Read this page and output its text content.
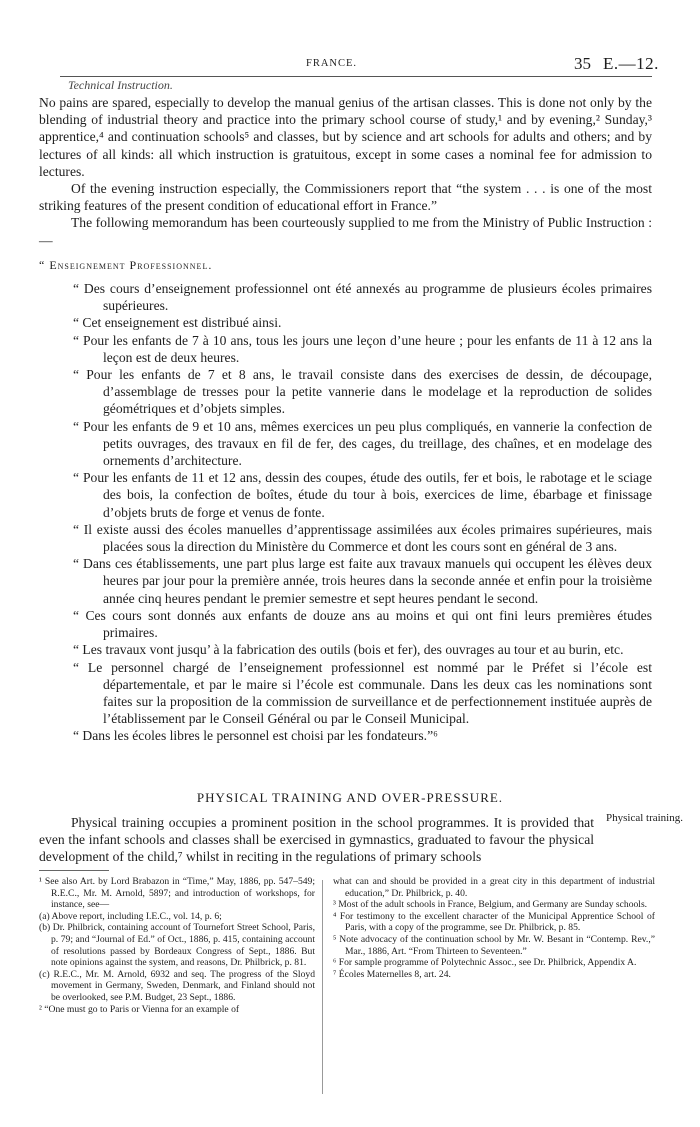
FRANCE.	35 E.—12.
Technical Instruction.

No pains are spared, especially to develop the manual genius of the artisan classes. This is done not only by the blending of industrial theory and practice into the primary school course of study,¹ and by evening,² Sunday,³ apprentice,⁴ and continuation schools⁵ and classes, but by science and art schools for adults and others; and by lectures of all kinds: all which instruction is gratuitous, except in some cases a nominal fee for admission to lectures.

Of the evening instruction especially, the Commissioners report that “the system . . . is one of the most striking features of the present condition of educational effort in France.”

The following memorandum has been courteously supplied to me from the Ministry of Public Instruction :—

“ Enseignement Professionnel.

“ Des cours d’enseignement professionnel ont été annexés au programme de plusieurs écoles primaires supérieures.

“ Cet enseignement est distribué ainsi.

“ Pour les enfants de 7 à 10 ans, tous les jours une leçon d’une heure ; pour les enfants de 11 à 12 ans la leçon est de deux heures.

“ Pour les enfants de 7 et 8 ans, le travail consiste dans des exercises de dessin, de découpage, d’assemblage de tresses pour la petite vannerie dans le modelage et la reproduction de solides géométriques et d’objets simples.

“ Pour les enfants de 9 et 10 ans, mêmes exercices un peu plus compliqués, en vannerie la confection de petits ouvrages, des travaux en fil de fer, des cages, du treillage, des chaînes, et en modelage des ornements d’architecture.

“ Pour les enfants de 11 et 12 ans, dessin des coupes, étude des outils, fer et bois, le rabotage et le sciage des bois, la confection de boîtes, étude du tour à bois, exercices de lime, ébarbage et finissage d’objets bruts de forge et venus de fonte.

“ Il existe aussi des écoles manuelles d’apprentissage assimilées aux écoles primaires supérieures, mais placées sous la direction du Ministère du Commerce et dont les cours sont en général de 3 ans.

“ Dans ces établissements, une part plus large est faite aux travaux manuels qui occupent les élèves deux heures par jour pour la première année, trois heures dans la seconde année et enfin pour la troisième année cinq heures pendant le premier semestre et sept heures pendant le second.

“ Ces cours sont donnés aux enfants de douze ans au moins et qui ont fini leurs premières études primaires.

“ Les travaux vont jusqu’ à la fabrication des outils (bois et fer), des ouvrages au tour et au burin, etc.

“ Le personnel chargé de l’enseignement professionnel est nommé par le Préfet si l’école est départementale, et par le maire si l’école est communale. Dans les deux cas les nominations sont faites sur la proposition de la commission de surveillance et de perfectionnement instituée auprès de l’établissement par le Conseil Général ou par le Conseil Municipal.

“ Dans les écoles libres le personnel est choisi par les fondateurs.”⁶

PHYSICAL TRAINING AND OVER-PRESSURE.

Physical training occupies a prominent position in the school programmes. It is provided that even the infant schools and classes shall be exercised in gymnastics, graduated to favour the physical development of the child,⁷ whilst in reciting in the regulations of primary schools

Physical training.

¹ See also Art. by Lord Brabazon in “Time,” May, 1886, pp. 547–549; R.E.C., Mr. M. Arnold, 5897; and introduction of workshops, for instance, see—

(a) Above report, including I.E.C., vol. 14, p. 6;

(b) Dr. Philbrick, containing account of Tournefort Street School, Paris, p. 79; and “Journal of Ed.” of Oct., 1886, p. 415, containing account of resolutions passed by Bordeaux Congress of Sept., 1886. But note opinions against the system, and reasons, Dr. Philbrick, p. 81.

(c) R.E.C., Mr. M. Arnold, 6932 and seq. The progress of the Sloyd movement in Germany, Sweden, Denmark, and Finland should not be overlooked, see P.M. Budget, 23 Sept., 1886.

² “One must go to Paris or Vienna for an example of

what can and should be provided in a great city in this department of industrial education,” Dr. Philbrick, p. 40.

³ Most of the adult schools in France, Belgium, and Germany are Sunday schools.

⁴ For testimony to the excellent character of the Municipal Apprentice School of Paris, with a copy of the programme, see Dr. Philbrick, p. 85.

⁵ Note advocacy of the continuation school by Mr. W. Besant in “Contemp. Rev.,” Mar., 1886, Art. “From Thirteen to Seventeen.”

⁶ For sample programme of Polytechnic Assoc., see Dr. Philbrick, Appendix A.

⁷ Écoles Maternelles 8, art. 24.
